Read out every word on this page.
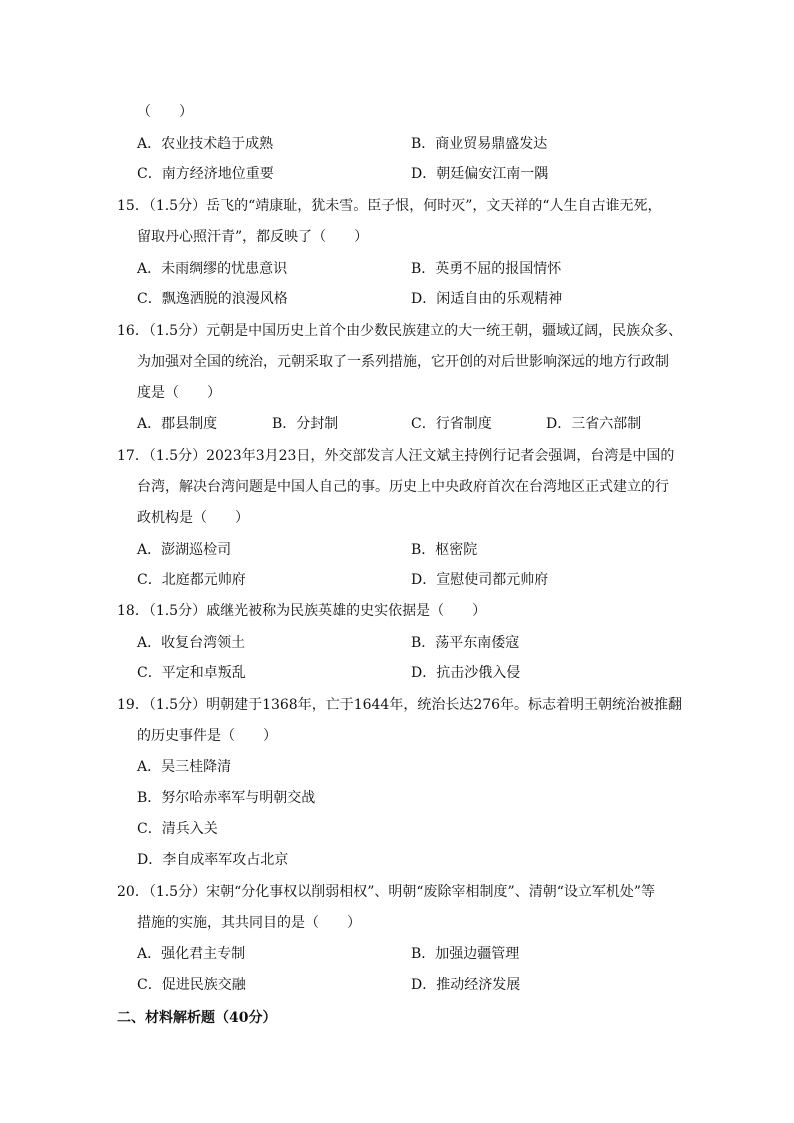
（　　）
A．农业技术趋于成熟	B．商业贸易鼎盛发达
C．南方经济地位重要	D．朝廷偏安江南一隅
15．（1.5分）岳飞的“靖康耻，犹未雪。臣子恨，何时灭”，文天祥的“人生自古谁无死，
留取丹心照汗青”，都反映了（　　）
A．未雨绸缪的忧患意识	B．英勇不屈的报国情怀
C．飘逸洒脱的浪漫风格	D．闲适自由的乐观精神
16．（1.5分）元朝是中国历史上首个由少数民族建立的大一统王朝，疆域辽阔，民族众多、
为加强对全国的统治，元朝采取了一系列措施，它开创的对后世影响深远的地方行政制
度是（　　）
A．郡县制度	B．分封制	C．行省制度	D．三省六部制
17．（1.5分）2023年3月23日，外交部发言人汪文斌主持例行记者会强调，台湾是中国的
台湾，解决台湾问题是中国人自己的事。历史上中央政府首次在台湾地区正式建立的行
政机构是（　　）
A．澎湖巡检司	B．枢密院
C．北庭都元帅府	D．宣慰使司都元帅府
18．（1.5分）戚继光被称为民族英雄的史实依据是（　　）
A．收复台湾领土	B．荡平东南倭寇
C．平定和卓叛乱	D．抗击沙俄入侵
19．（1.5分）明朝建于1368年，亡于1644年，统治长达276年。标志着明王朝统治被推翻
的历史事件是（　　）
A．吴三桂降清
B．努尔哈赤率军与明朝交战
C．清兵入关
D．李自成率军攻占北京
20．（1.5分）宋朝“分化事权以削弱相权”、明朝“废除宰相制度”、清朝“设立军机处”等
措施的实施，其共同目的是（　　）
A．强化君主专制	B．加强边疆管理
C．促进民族交融	D．推动经济发展
二、材料解析题（40分）
